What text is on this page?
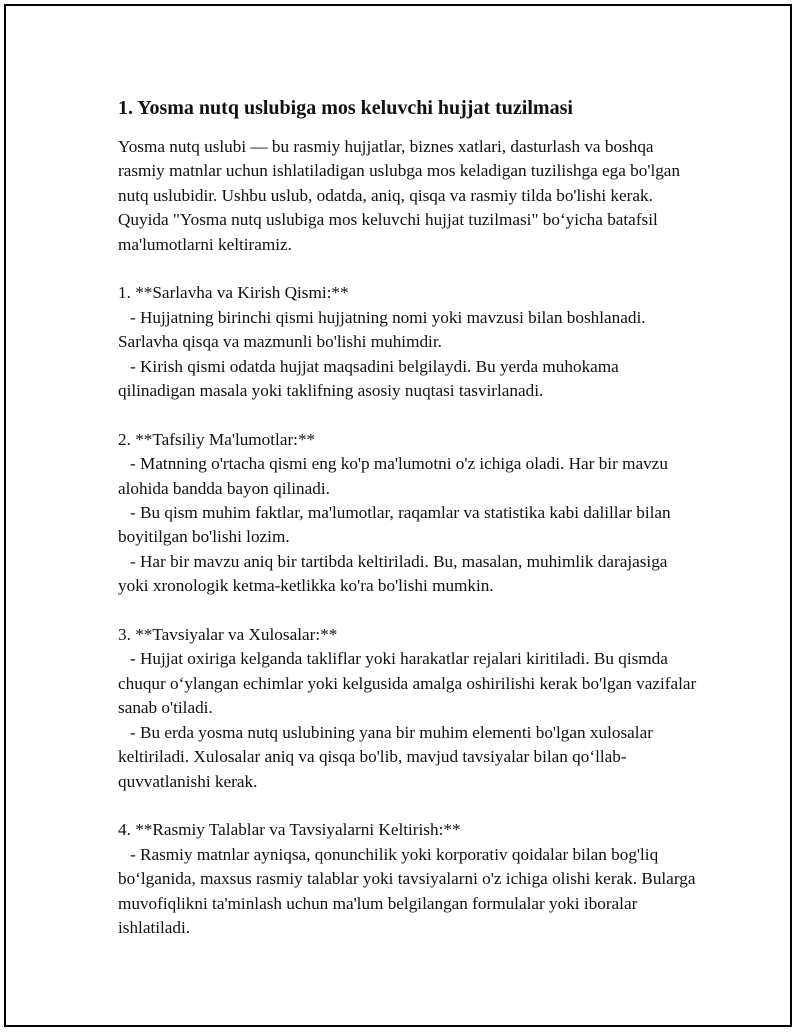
1. Yosma nutq uslubiga mos keluvchi hujjat tuzilmasi

Yosma nutq uslubi — bu rasmiy hujjatlar, biznes xatlari, dasturlash va boshqa rasmiy matnlar uchun ishlatiladigan uslubga mos keladigan tuzilishga ega bo'lgan nutq uslubidir. Ushbu uslub, odatda, aniq, qisqa va rasmiy tilda bo'lishi kerak. Quyida "Yosma nutq uslubiga mos keluvchi hujjat tuzilmasi" bo‘yicha batafsil ma'lumotlarni keltiramiz.

1. **Sarlavha va Kirish Qismi:**

- Hujjatning birinchi qismi hujjatning nomi yoki mavzusi bilan boshlanadi. Sarlavha qisqa va mazmunli bo'lishi muhimdir.

- Kirish qismi odatda hujjat maqsadini belgilaydi. Bu yerda muhokama qilinadigan masala yoki taklifning asosiy nuqtasi tasvirlanadi.

2. **Tafsiliy Ma'lumotlar:**

- Matnning o'rtacha qismi eng ko'p ma'lumotni o'z ichiga oladi. Har bir mavzu alohida bandda bayon qilinadi.

- Bu qism muhim faktlar, ma'lumotlar, raqamlar va statistika kabi dalillar bilan boyitilgan bo'lishi lozim.

- Har bir mavzu aniq bir tartibda keltiriladi. Bu, masalan, muhimlik darajasiga yoki xronologik ketma-ketlikka ko'ra bo'lishi mumkin.

3. **Tavsiyalar va Xulosalar:**

- Hujjat oxiriga kelganda takliflar yoki harakatlar rejalari kiritiladi. Bu qismda chuqur o‘ylangan echimlar yoki kelgusida amalga oshirilishi kerak bo'lgan vazifalar sanab o'tiladi.

- Bu erda yosma nutq uslubining yana bir muhim elementi bo'lgan xulosalar keltiriladi. Xulosalar aniq va qisqa bo'lib, mavjud tavsiyalar bilan qo‘llab-quvvatlanishi kerak.

4. **Rasmiy Talablar va Tavsiyalarni Keltirish:**

- Rasmiy matnlar ayniqsa, qonunchilik yoki korporativ qoidalar bilan bog'liq bo‘lganida, maxsus rasmiy talablar yoki tavsiyalarni o'z ichiga olishi kerak. Bularga muvofiqlikni ta'minlash uchun ma'lum belgilangan formulalar yoki iboralar ishlatiladi.
